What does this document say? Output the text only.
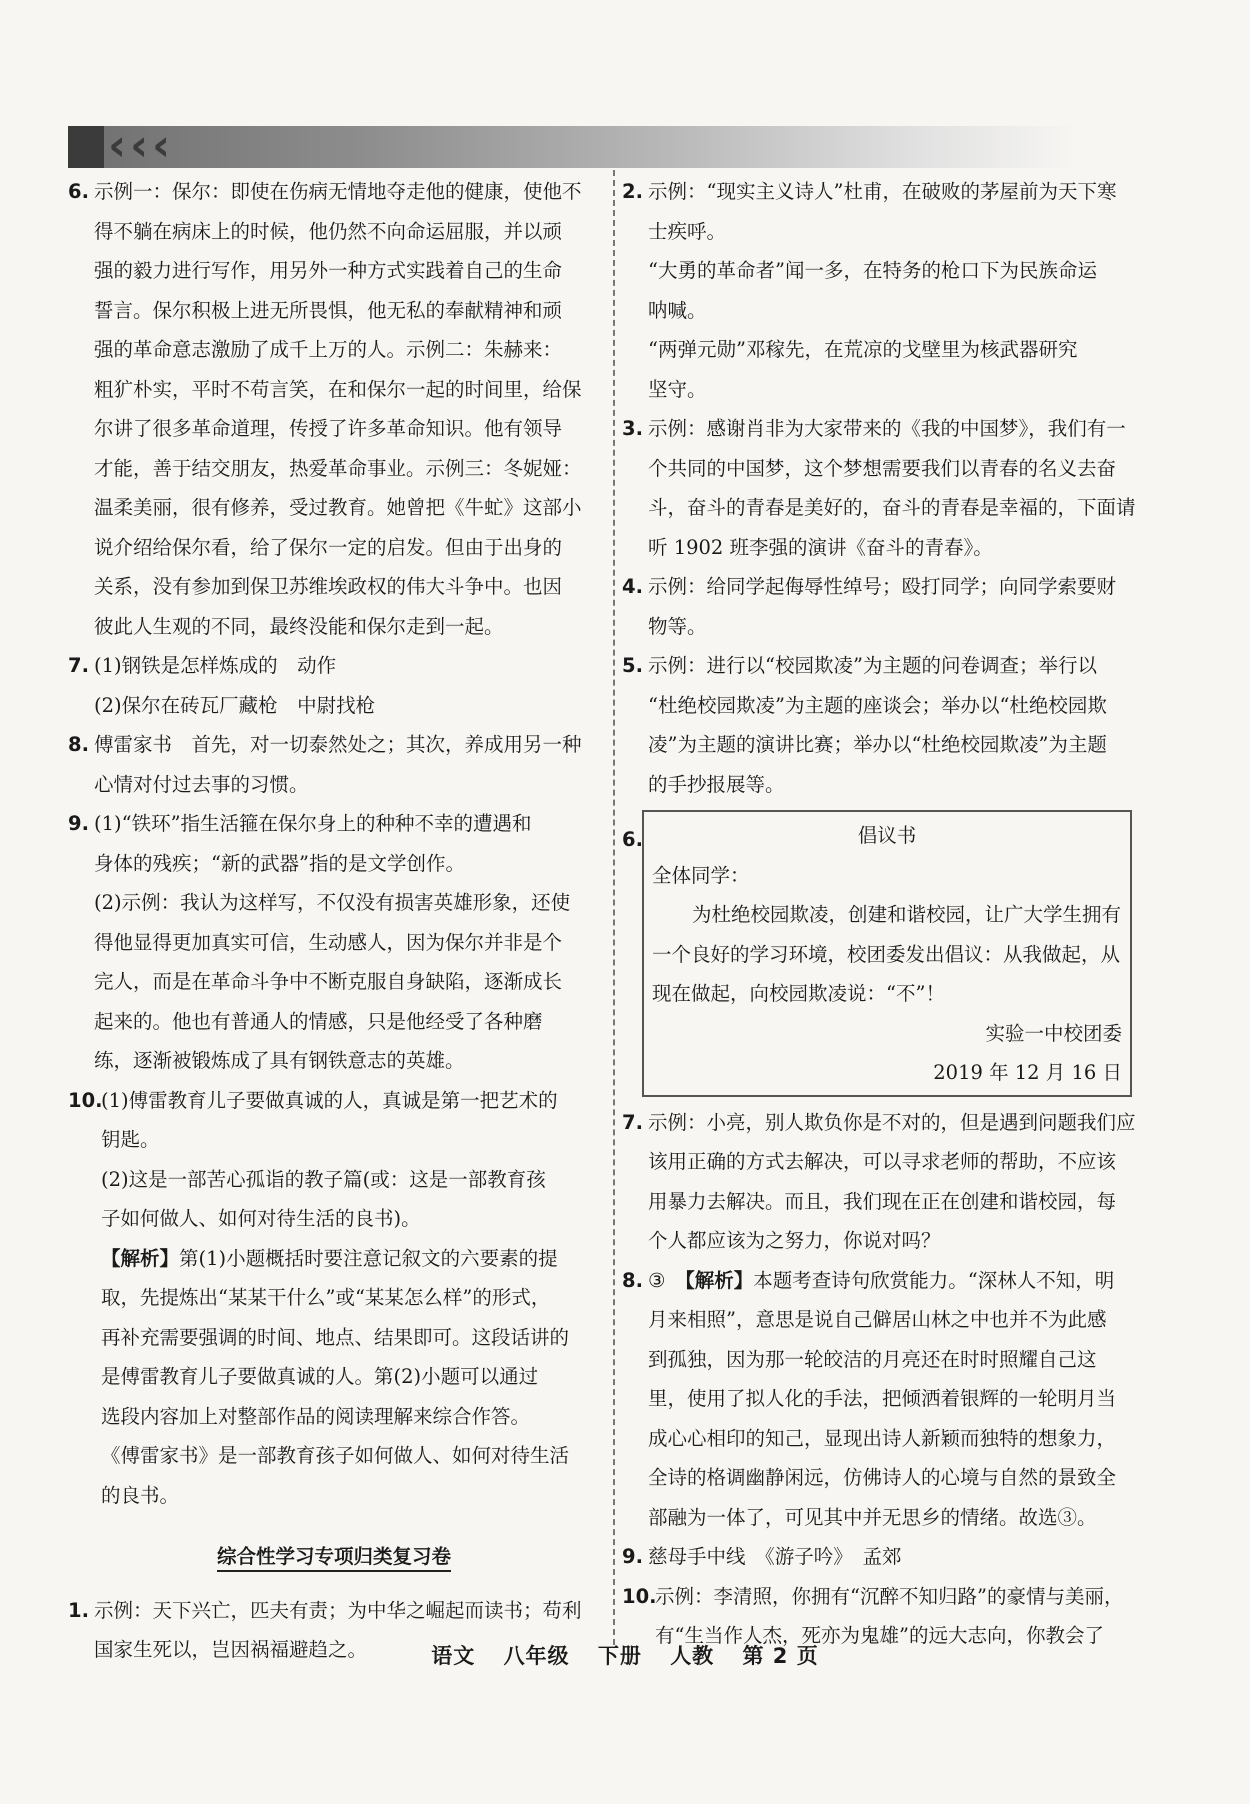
‹ ‹ ‹
6. 示例一：保尔：即使在伤病无情地夺走他的健康，使他不
得不躺在病床上的时候，他仍然不向命运屈服，并以顽
强的毅力进行写作，用另外一种方式实践着自己的生命
誓言。保尔积极上进无所畏惧，他无私的奉献精神和顽
强的革命意志激励了成千上万的人。示例二：朱赫来：
粗犷朴实，平时不苟言笑，在和保尔一起的时间里，给保
尔讲了很多革命道理，传授了许多革命知识。他有领导
才能，善于结交朋友，热爱革命事业。示例三：冬妮娅：
温柔美丽，很有修养，受过教育。她曾把《牛虻》这部小
说介绍给保尔看，给了保尔一定的启发。但由于出身的
关系，没有参加到保卫苏维埃政权的伟大斗争中。也因
彼此人生观的不同，最终没能和保尔走到一起。
7. (1)钢铁是怎样炼成的　动作
(2)保尔在砖瓦厂藏枪　中尉找枪
8. 傅雷家书　首先，对一切泰然处之；其次，养成用另一种
心情对付过去事的习惯。
9. (1)“铁环”指生活箍在保尔身上的种种不幸的遭遇和
身体的残疾；“新的武器”指的是文学创作。
(2)示例：我认为这样写，不仅没有损害英雄形象，还使
得他显得更加真实可信，生动感人，因为保尔并非是个
完人，而是在革命斗争中不断克服自身缺陷，逐渐成长
起来的。他也有普通人的情感，只是他经受了各种磨
练，逐渐被锻炼成了具有钢铁意志的英雄。
10.
(1)傅雷教育儿子要做真诚的人，真诚是第一把艺术的
钥匙。
(2)这是一部苦心孤诣的教子篇(或：这是一部教育孩
子如何做人、如何对待生活的良书)。
【解析】第(1)小题概括时要注意记叙文的六要素的提
取，先提炼出“某某干什么”或“某某怎么样”的形式，
再补充需要强调的时间、地点、结果即可。这段话讲的
是傅雷教育儿子要做真诚的人。第(2)小题可以通过
选段内容加上对整部作品的阅读理解来综合作答。
《傅雷家书》是一部教育孩子如何做人、如何对待生活
的良书。
综合性学习专项归类复习卷
1. 示例：天下兴亡，匹夫有责；为中华之崛起而读书；苟利
国家生死以，岂因祸福避趋之。
2. 示例：“现实主义诗人”杜甫，在破败的茅屋前为天下寒
士疾呼。
“大勇的革命者”闻一多，在特务的枪口下为民族命运
呐喊。
“两弹元勋”邓稼先，在荒凉的戈壁里为核武器研究
坚守。
3. 示例：感谢肖非为大家带来的《我的中国梦》，我们有一
个共同的中国梦，这个梦想需要我们以青春的名义去奋
斗，奋斗的青春是美好的，奋斗的青春是幸福的，下面请
听 1902 班李强的演讲《奋斗的青春》。
4. 示例：给同学起侮辱性绰号；殴打同学；向同学索要财
物等。
5. 示例：进行以“校园欺凌”为主题的问卷调查；举行以
“杜绝校园欺凌”为主题的座谈会；举办以“杜绝校园欺
凌”为主题的演讲比赛；举办以“杜绝校园欺凌”为主题
的手抄报展等。
6.	倡议书
全体同学：
为杜绝校园欺凌，创建和谐校园，让广大学生拥有一个良好的学习环境，校团委发出倡议：从我做起，从现在做起，向校园欺凌说：“不”！
实验一中校团委
2019 年 12 月 16 日
7. 示例：小亮，别人欺负你是不对的，但是遇到问题我们应
该用正确的方式去解决，可以寻求老师的帮助，不应该
用暴力去解决。而且，我们现在正在创建和谐校园，每
个人都应该为之努力，你说对吗？
8. ③　【解析】本题考查诗句欣赏能力。“深林人不知，明
月来相照”，意思是说自己僻居山林之中也并不为此感
到孤独，因为那一轮皎洁的月亮还在时时照耀自己这
里，使用了拟人化的手法，把倾洒着银辉的一轮明月当
成心心相印的知己，显现出诗人新颖而独特的想象力，
全诗的格调幽静闲远，仿佛诗人的心境与自然的景致全
部融为一体了，可见其中并无思乡的情绪。故选③。
9. 慈母手中线　《游子吟》　孟郊
10.
示例：李清照，你拥有“沉醉不知归路”的豪情与美丽，
有“生当作人杰，死亦为鬼雄”的远大志向，你教会了
语文 八年级 下册 人教 第 2 页
